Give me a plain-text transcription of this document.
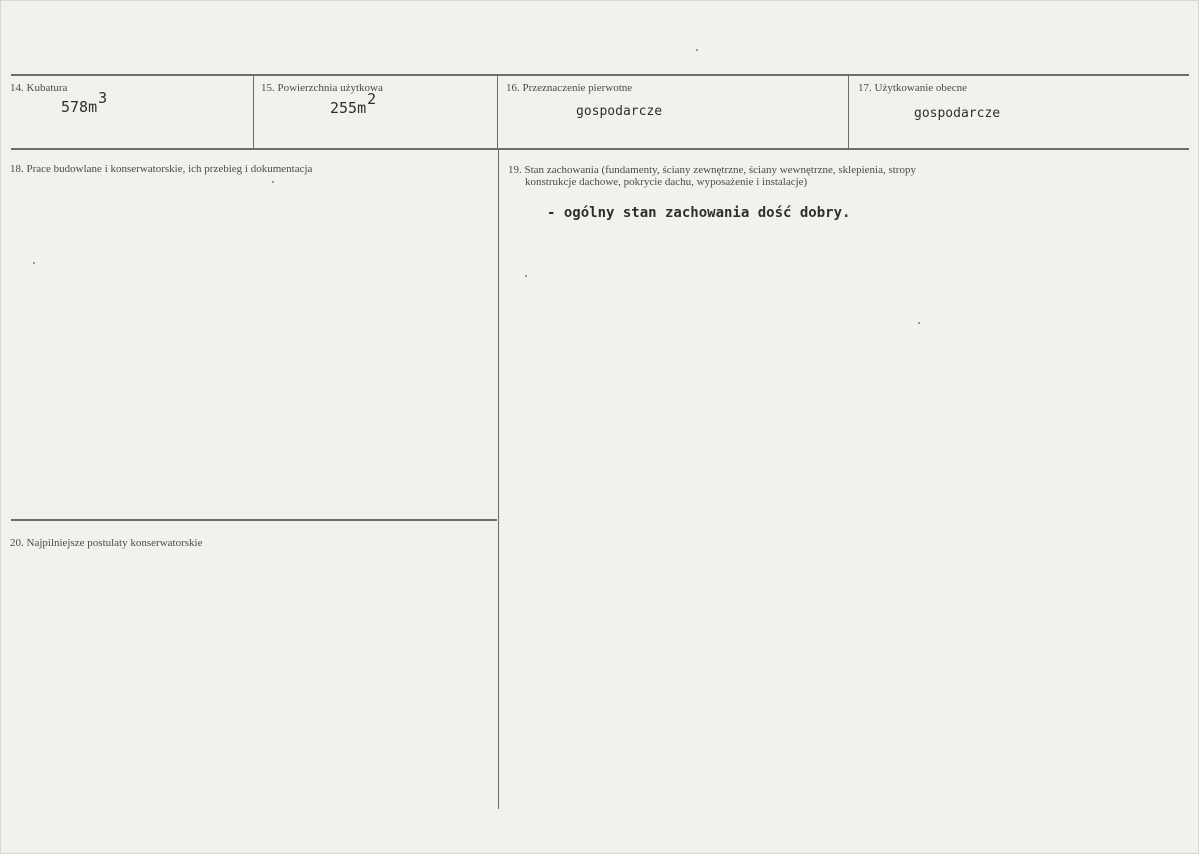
14. Kubatura
578m3
15. Powierzchnia użytkowa
255m2
16. Przeznaczenie pierwotne
gospodarcze
17. Użytkowanie obecne
gospodarcze
18. Prace budowlane i konserwatorskie, ich przebieg i dokumentacja	19. Stan zachowania (fundamenty, ściany zewnętrzne, ściany wewnętrzne, sklepienia, stropy
konstrukcje dachowe, pokrycie dachu, wyposażenie i instalacje)
- ogólny stan zachowania dość dobry.
20. Najpilniejsze postulaty konserwatorskie
